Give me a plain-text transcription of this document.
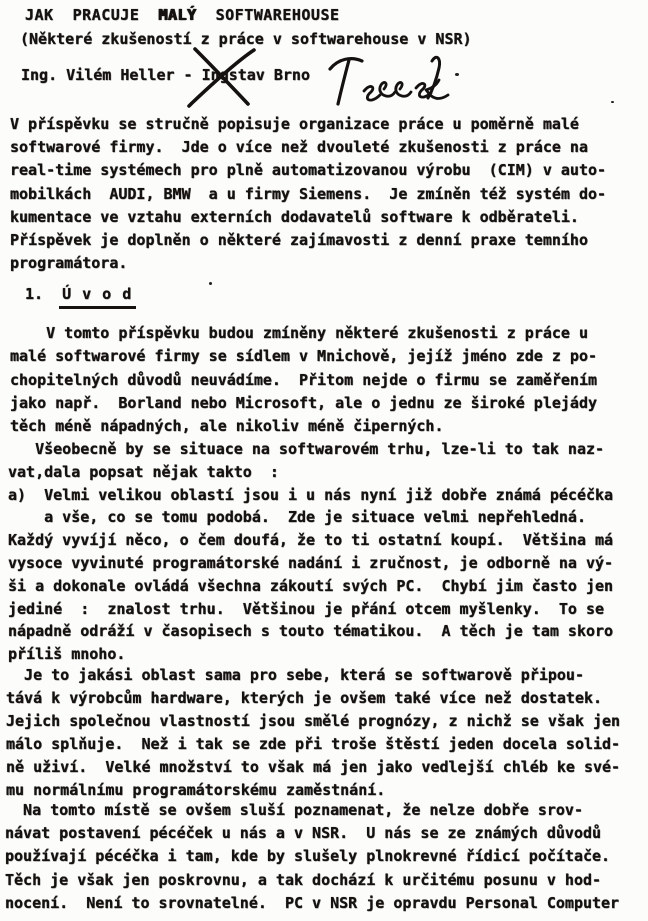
JAK  PRACUJE  MALÝ  SOFTWAREHOUSE
(Některé zkušeností z práce v softwarehouse v NSR)
Ing. Vilém Heller - Ingstav Brno
V příspěvku se stručně popisuje organizace práce u poměrně malé
softwarové firmy.  Jde o více než dvouleté zkušenosti z práce na
real-time systémech pro plně automatizovanou výrobu  (CIM) v auto-
mobilkách  AUDI, BMW  a u firmy Siemens.  Je zmíněn též systém do-
kumentace ve vztahu externích dodavatelů software k odběrateli.
Příspěvek je doplněn o některé zajímavosti z denní praxe temního
programátora.
1. Ú v o d
V tomto příspěvku budou zmíněny některé zkušenosti z práce u
malé softwarové firmy se sídlem v Mnichově, jejíž jméno zde z po-
chopitelných důvodů neuvádíme.  Přitom nejde o firmu se zaměřením
jako např.  Borland nebo Microsoft, ale o jednu ze široké plejády
těch méně nápadných, ale nikoliv méně čiperných.
Všeobecně by se situace na softwarovém trhu, lze-li to tak naz-
vat,dala popsat nějak takto  :
a)  Velmi velikou oblastí jsou i u nás nyní již dobře známá pécéčka
a vše, co se tomu podobá.  Zde je situace velmi nepřehledná.
Každý vyvíjí něco, o čem doufá, že to ti ostatní koupí.  Většina má
vysoce vyvinuté programátorské nadání i zručnost, je odborně na vý-
ši a dokonale ovládá všechna zákoutí svých PC.  Chybí jim často jen
jediné  :  znalost trhu.  Většinou je přání otcem myšlenky.  To se
nápadně odráží v časopisech s touto tématikou.  A těch je tam skoro
příliš mnoho.
Je to jakási oblast sama pro sebe, která se softwarově připou-
tává k výrobcům hardware, kterých je ovšem také více než dostatek.
Jejich společnou vlastností jsou smělé prognózy, z nichž se však jen
málo splňuje.  Než i tak se zde při troše štěstí jeden docela solid-
ně uživí.  Velké množství to však má jen jako vedlejší chléb ke své-
mu normálnímu programátorskému zaměstnání.
Na tomto místě se ovšem sluší poznamenat, že nelze dobře srov-
návat postavení pécéček u nás a v NSR.  U nás se ze známých důvodů
používají pécéčka i tam, kde by slušely plnokrevné řídicí počítače.
Těch je však jen poskrovnu, a tak dochází k určitému posunu v hod-
nocení.  Není to srovnatelné.  PC v NSR je opravdu Personal Computer
